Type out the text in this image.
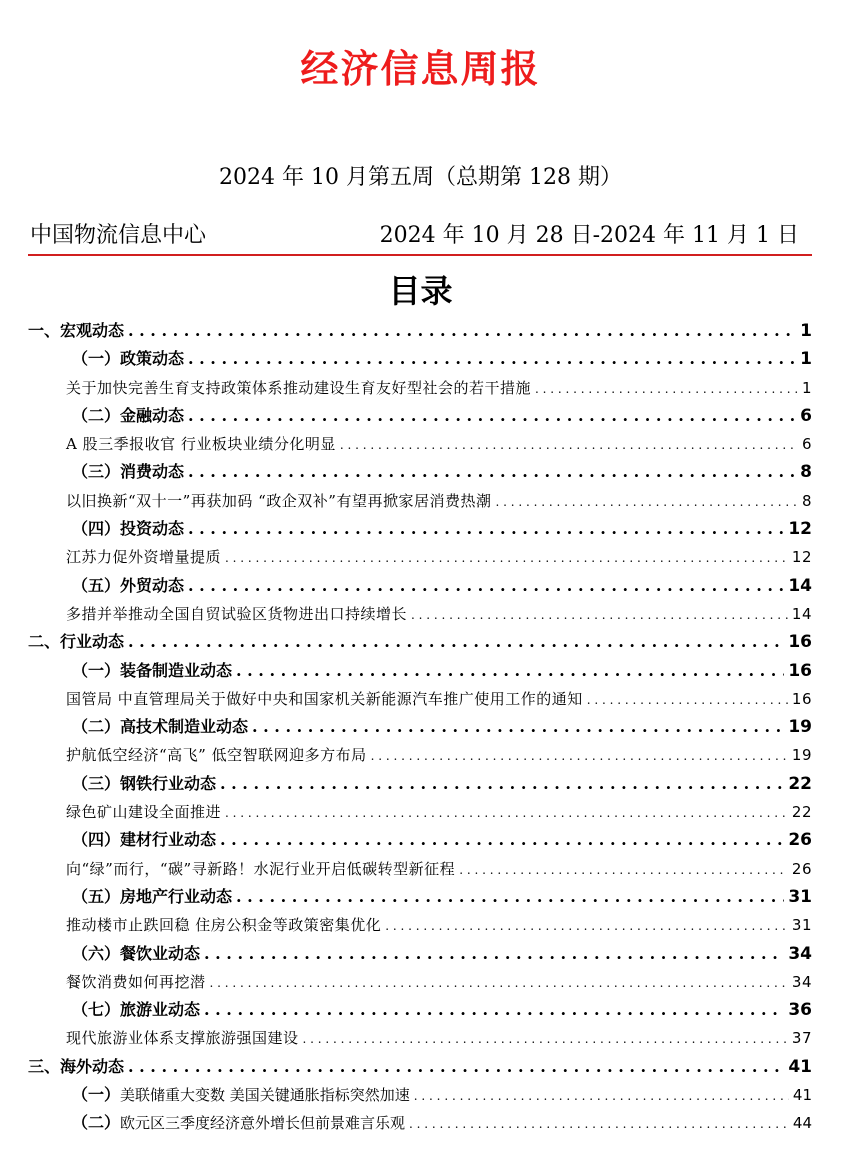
经济信息周报
2024 年 10 月第五周（总期第 128 期）
中国物流信息中心	2024 年 10 月 28 日-2024 年 11 月 1 日
目录
一、宏观动态 . . .	1
（一）政策动态 . . .	1
关于加快完善生育支持政策体系推动建设生育友好型社会的若干措施 . . .	1
（二）金融动态 . . .	6
A 股三季报收官 行业板块业绩分化明显 . . .	6
（三）消费动态 . . .	8
以旧换新“双十一”再获加码 “政企双补”有望再掀家居消费热潮 . . .	8
（四）投资动态 . . .	12
江苏力促外资增量提质 . . .	12
（五）外贸动态 . . .	14
多措并举推动全国自贸试验区货物进出口持续增长 . . .	14
二、行业动态 . . .	16
（一）装备制造业动态 . . .	16
国管局 中直管理局关于做好中央和国家机关新能源汽车推广使用工作的通知 . . .	16
（二）高技术制造业动态 . . .	19
护航低空经济“高飞” 低空智联网迎多方布局 . . .	19
（三）钢铁行业动态 . . .	22
绿色矿山建设全面推进 . . .	22
（四）建材行业动态 . . .	26
向“绿”而行，“碳”寻新路！水泥行业开启低碳转型新征程 . . .	26
（五）房地产行业动态 . . .	31
推动楼市止跌回稳 住房公积金等政策密集优化 . . .	31
（六）餐饮业动态 . . .	34
餐饮消费如何再挖潜 . . .	34
（七）旅游业动态 . . .	36
现代旅游业体系支撑旅游强国建设 . . .	37
三、海外动态 . . .	41
（一）美联储重大变数 美国关键通胀指标突然加速 . . .	41
（二）欧元区三季度经济意外增长但前景难言乐观 . . .	44
